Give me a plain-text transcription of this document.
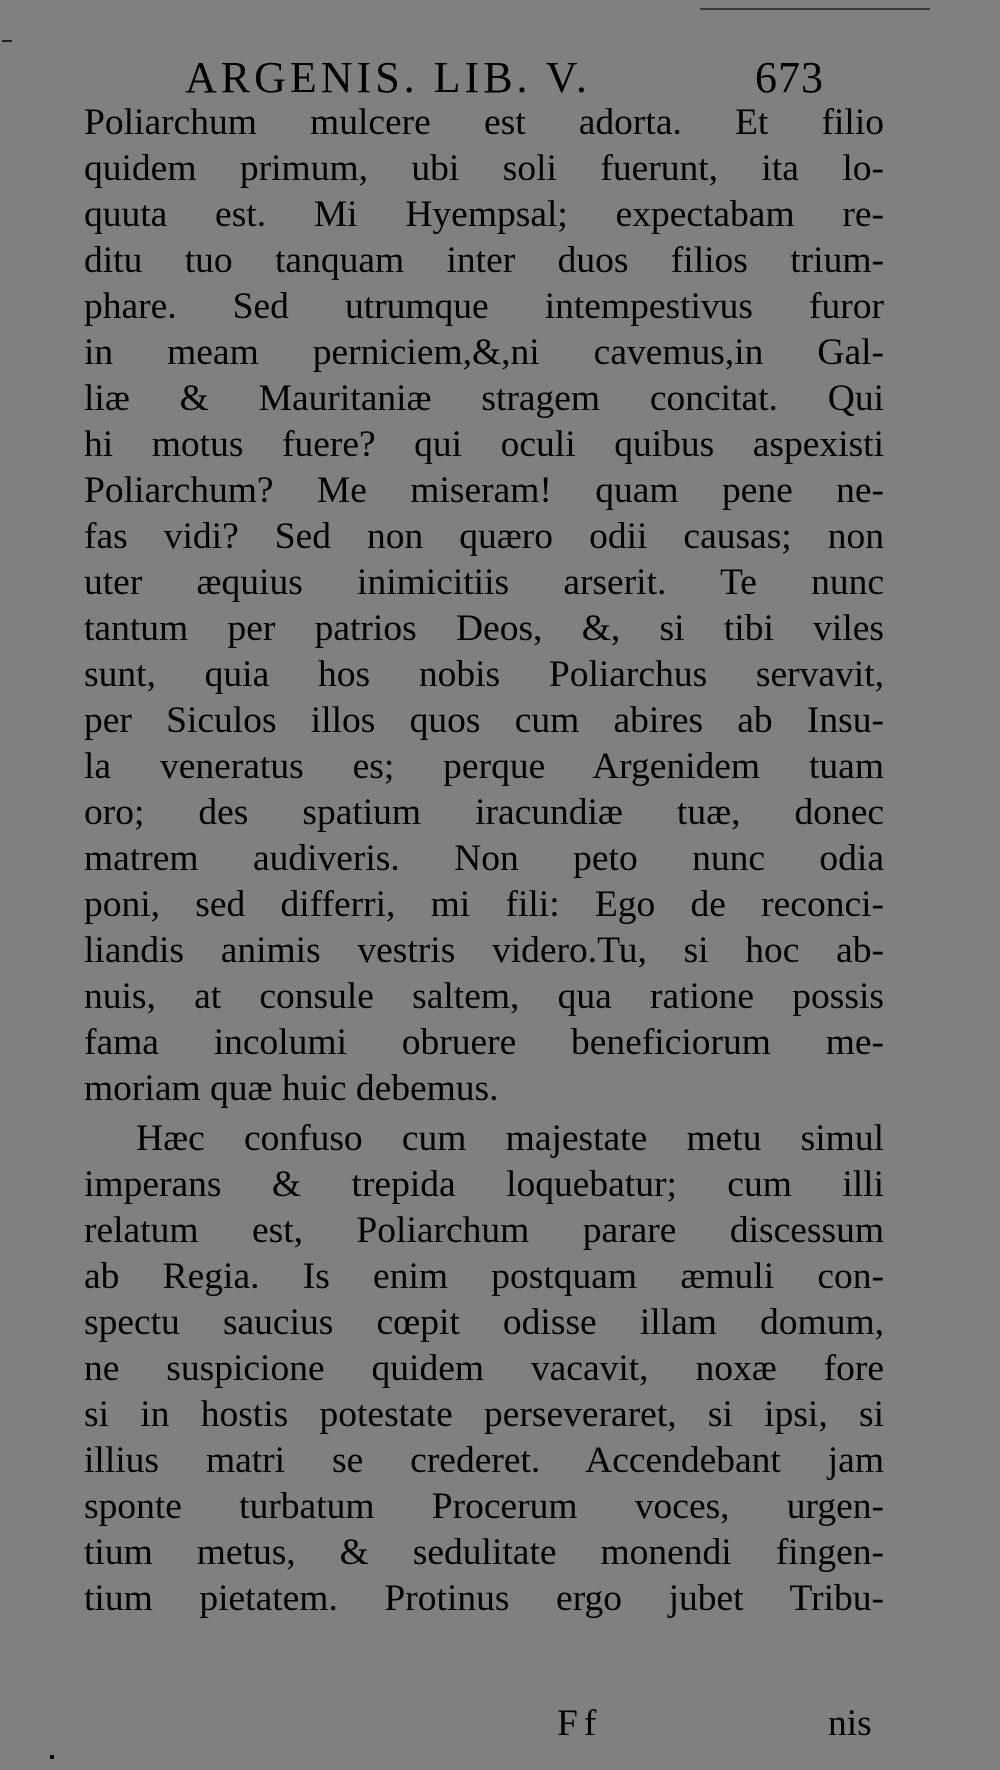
ARGENIS. LIB. V.	673
Poliarchum mulcere est adorta. Et filio
quidem primum, ubi soli fuerunt, ita lo-
quuta est. Mi Hyempsal; expectabam re-
ditu tuo tanquam inter duos filios trium-
phare. Sed utrumque intempestivus furor
in meam perniciem,&,ni cavemus,in Gal-
liæ & Mauritaniæ stragem concitat. Qui
hi motus fuere? qui oculi quibus aspexisti
Poliarchum? Me miseram! quam pene ne-
fas vidi? Sed non quæro odii causas; non
uter æquius inimicitiis arserit. Te nunc
tantum per patrios Deos, &, si tibi viles
sunt, quia hos nobis Poliarchus servavit,
per Siculos illos quos cum abires ab Insu-
la veneratus es; perque Argenidem tuam
oro; des spatium iracundiæ tuæ, donec
matrem audiveris. Non peto nunc odia
poni, sed differri, mi fili: Ego de reconci-
liandis animis vestris videro.Tu, si hoc ab-
nuis, at consule saltem, qua ratione possis
fama incolumi obruere beneficiorum me-
moriam quæ huic debemus.
Hæc confuso cum majestate metu simul
imperans & trepida loquebatur; cum illi
relatum est, Poliarchum parare discessum
ab Regia. Is enim postquam æmuli con-
spectu saucius cœpit odisse illam domum,
ne suspicione quidem vacavit, noxæ fore
si in hostis potestate perseveraret, si ipsi, si
illius matri se crederet. Accendebant jam
sponte turbatum Procerum voces, urgen-
tium metus, & sedulitate monendi fingen-
tium pietatem. Protinus ergo jubet Tribu-
Ff	nis
